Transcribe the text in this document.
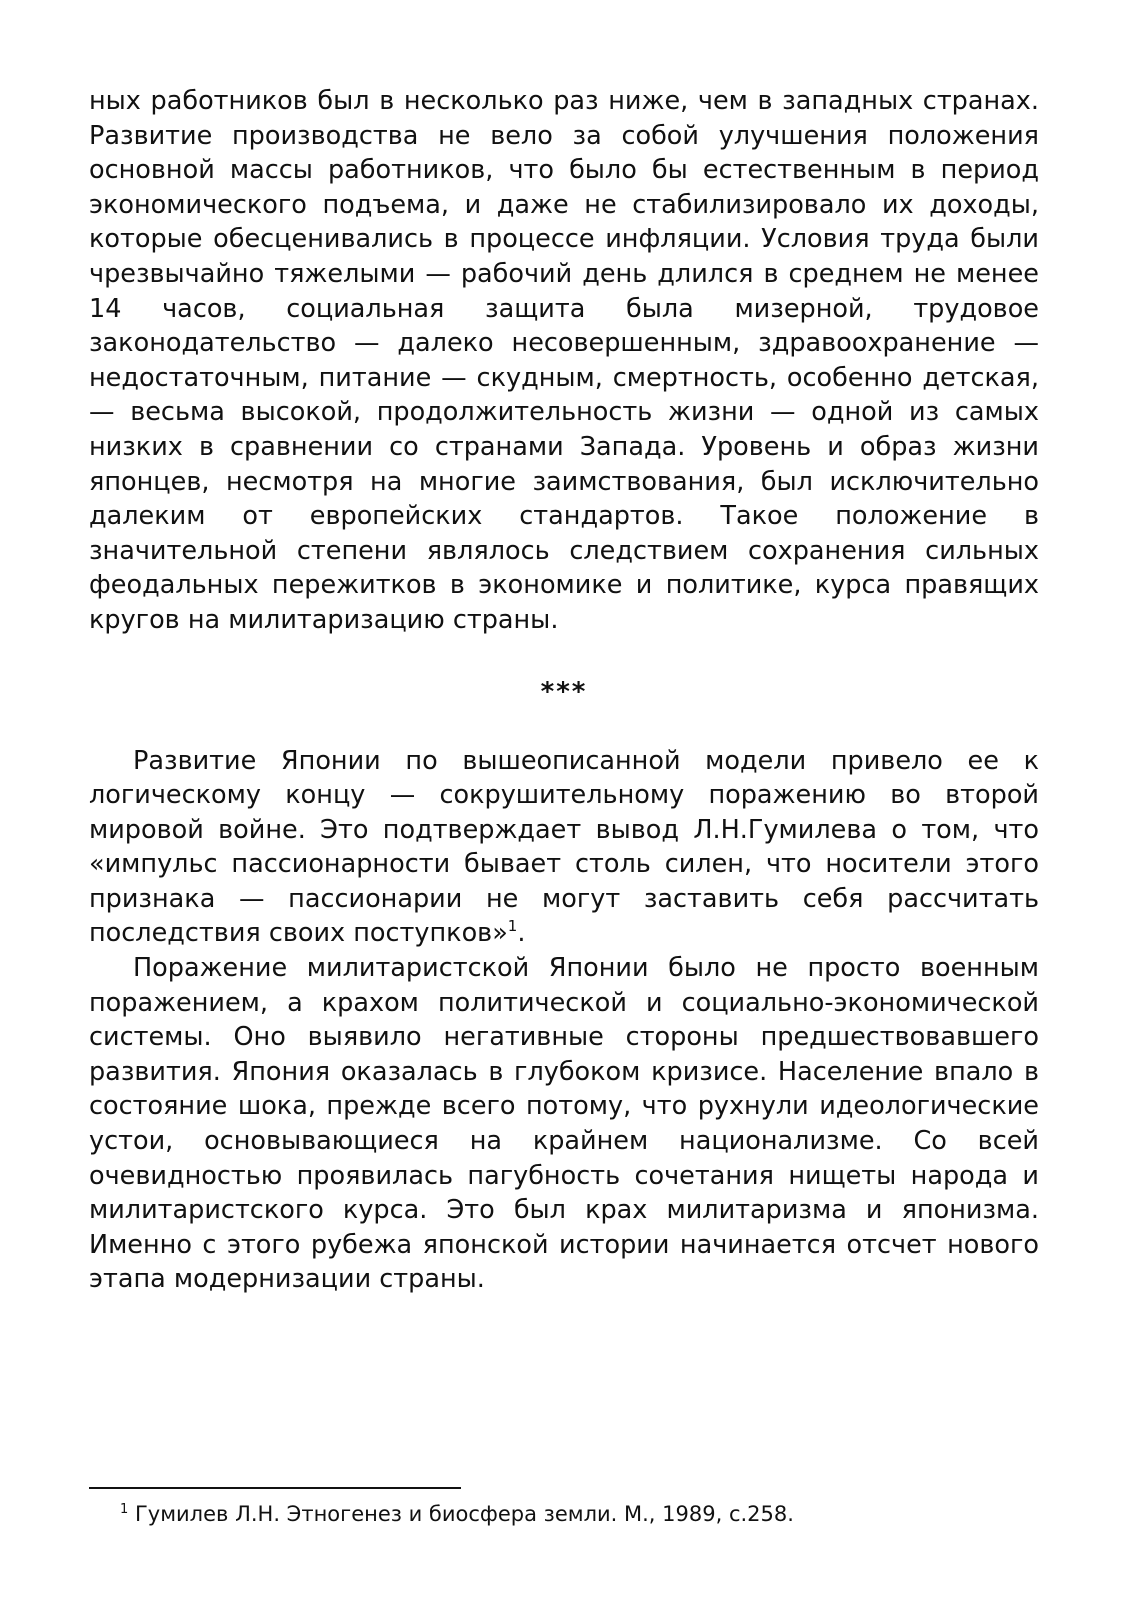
ных работников был в несколько раз ниже, чем в западных странах. Развитие производства не вело за собой улучшения положения основной массы работников, что было бы естественным в период экономического подъема, и даже не стабилизировало их доходы, которые обесценивались в процессе инфляции. Условия труда были чрезвычайно тяжелыми — рабочий день длился в среднем не менее 14 часов, социальная защита была мизерной, трудовое законодательство — далеко несовершенным, здравоохранение — недостаточным, питание — скудным, смертность, особенно детская, — весьма высокой, продолжительность жизни — одной из самых низких в сравнении со странами Запада. Уровень и образ жизни японцев, несмотря на многие заимствования, был исключительно далеким от европейских стандартов. Такое положение в значительной степени являлось следствием сохранения сильных феодальных пережитков в экономике и политике, курса правящих кругов на милитаризацию страны.

***

Развитие Японии по вышеописанной модели привело ее к логическому концу — сокрушительному поражению во второй мировой войне. Это подтверждает вывод Л.Н.Гумилева о том, что «импульс пассионарности бывает столь силен, что носители этого признака — пассионарии не могут заставить себя рассчитать последствия своих поступков»$^1$.

Поражение милитаристской Японии было не просто военным поражением, а крахом политической и социально-экономической системы. Оно выявило негативные стороны предшествовавшего развития. Япония оказалась в глубоком кризисе. Население впало в состояние шока, прежде всего потому, что рухнули идеологические устои, основывающиеся на крайнем национализме. Со всей очевидностью проявилась пагубность сочетания нищеты народа и милитаристского курса. Это был крах милитаризма и японизма. Именно с этого рубежа японской истории начинается отсчет нового этапа модернизации страны.

$^1$ Гумилев Л.Н. Этногенез и биосфера земли. М., 1989, с.258.
